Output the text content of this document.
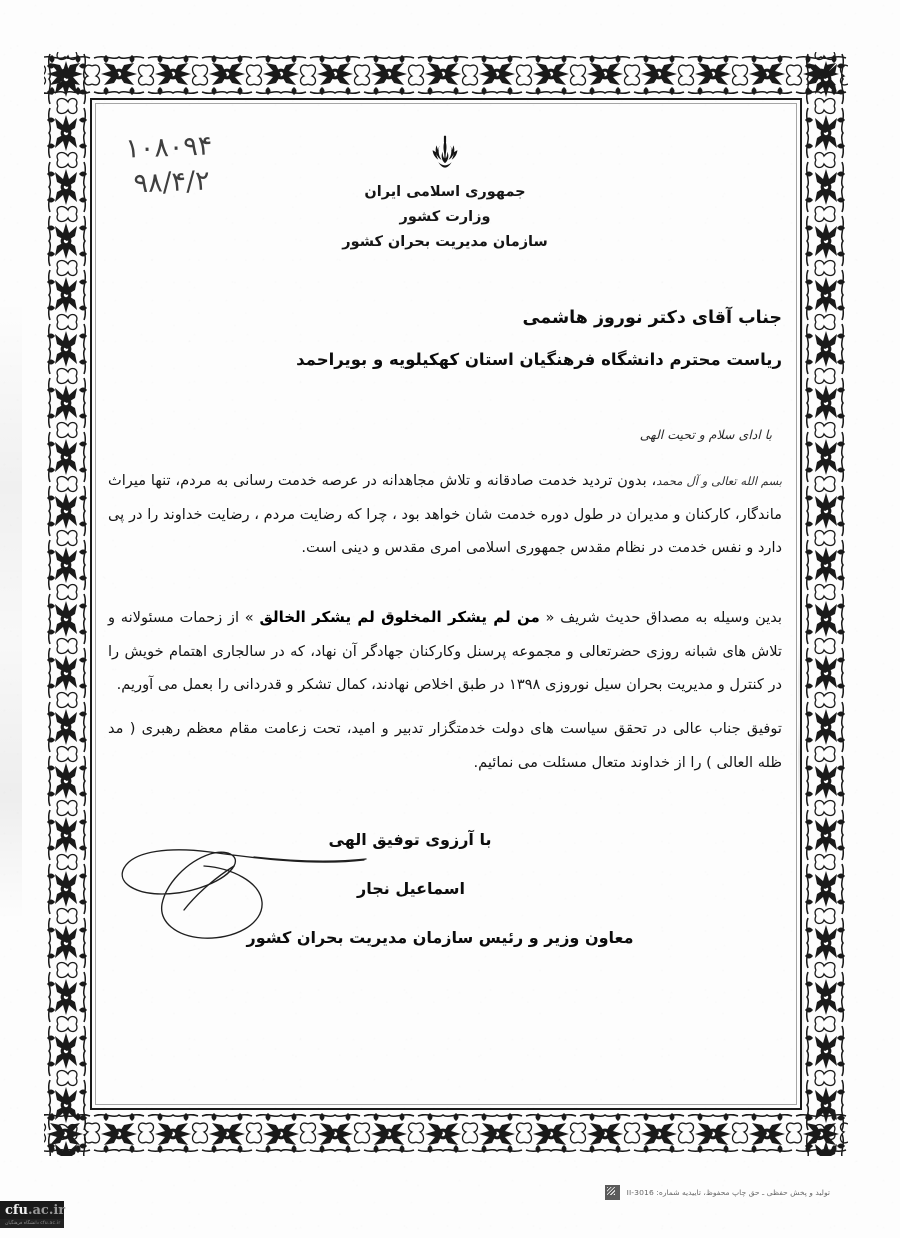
۱۰۸۰۹۴
۹۸/۴/۲	جمهوری اسلامی ایران
وزارت کشور
سازمان مدیریت بحران کشور
جناب آقای دکتر نوروز هاشمی
ریاست محترم دانشگاه فرهنگیان استان کهکیلویه و بویراحمد
با ادای سلام و تحیت الهی
بسم الله تعالی و آل محمد، بدون تردید خدمت صادقانه و تلاش مجاهدانه در عرصه خدمت رسانی به مردم، تنها میراث ماندگار، کارکنان و مدیران در طول دوره خدمت شان خواهد بود ، چرا که رضایت مردم ، رضایت خداوند را در پی دارد و نفس خدمت در نظام مقدس جمهوری اسلامی امری مقدس و دینی است.
بدین وسیله به مصداق حدیث شریف « من لم یشکر المخلوق لم یشکر الخالق » از زحمات مسئولانه و تلاش های شبانه روزی حضرتعالی و مجموعه پرسنل وکارکنان جهادگر آن نهاد، که در سالجاری اهتمام خویش را در کنترل و مدیریت بحران سیل نوروزی ۱۳۹۸ در طبق اخلاص نهادند، کمال تشکر و قدردانی را بعمل می آوریم.
توفیق جناب عالی در تحقق سیاست های دولت خدمتگزار تدبیر و امید، تحت زعامت مقام معظم رهبری ( مد ظله العالی ) را از خداوند متعال مسئلت می نمائیم.
با آرزوی توفیق الهی
اسماعیل نجار
معاون وزیر و رئیس سازمان مدیریت بحران کشور
تولید و پخش حفظی ـ حق چاپ محفوظ، تاییدیه شماره: II-3016
cfu.ac.ir
دانشگاه فرهنگیان cfu.ac.ir
